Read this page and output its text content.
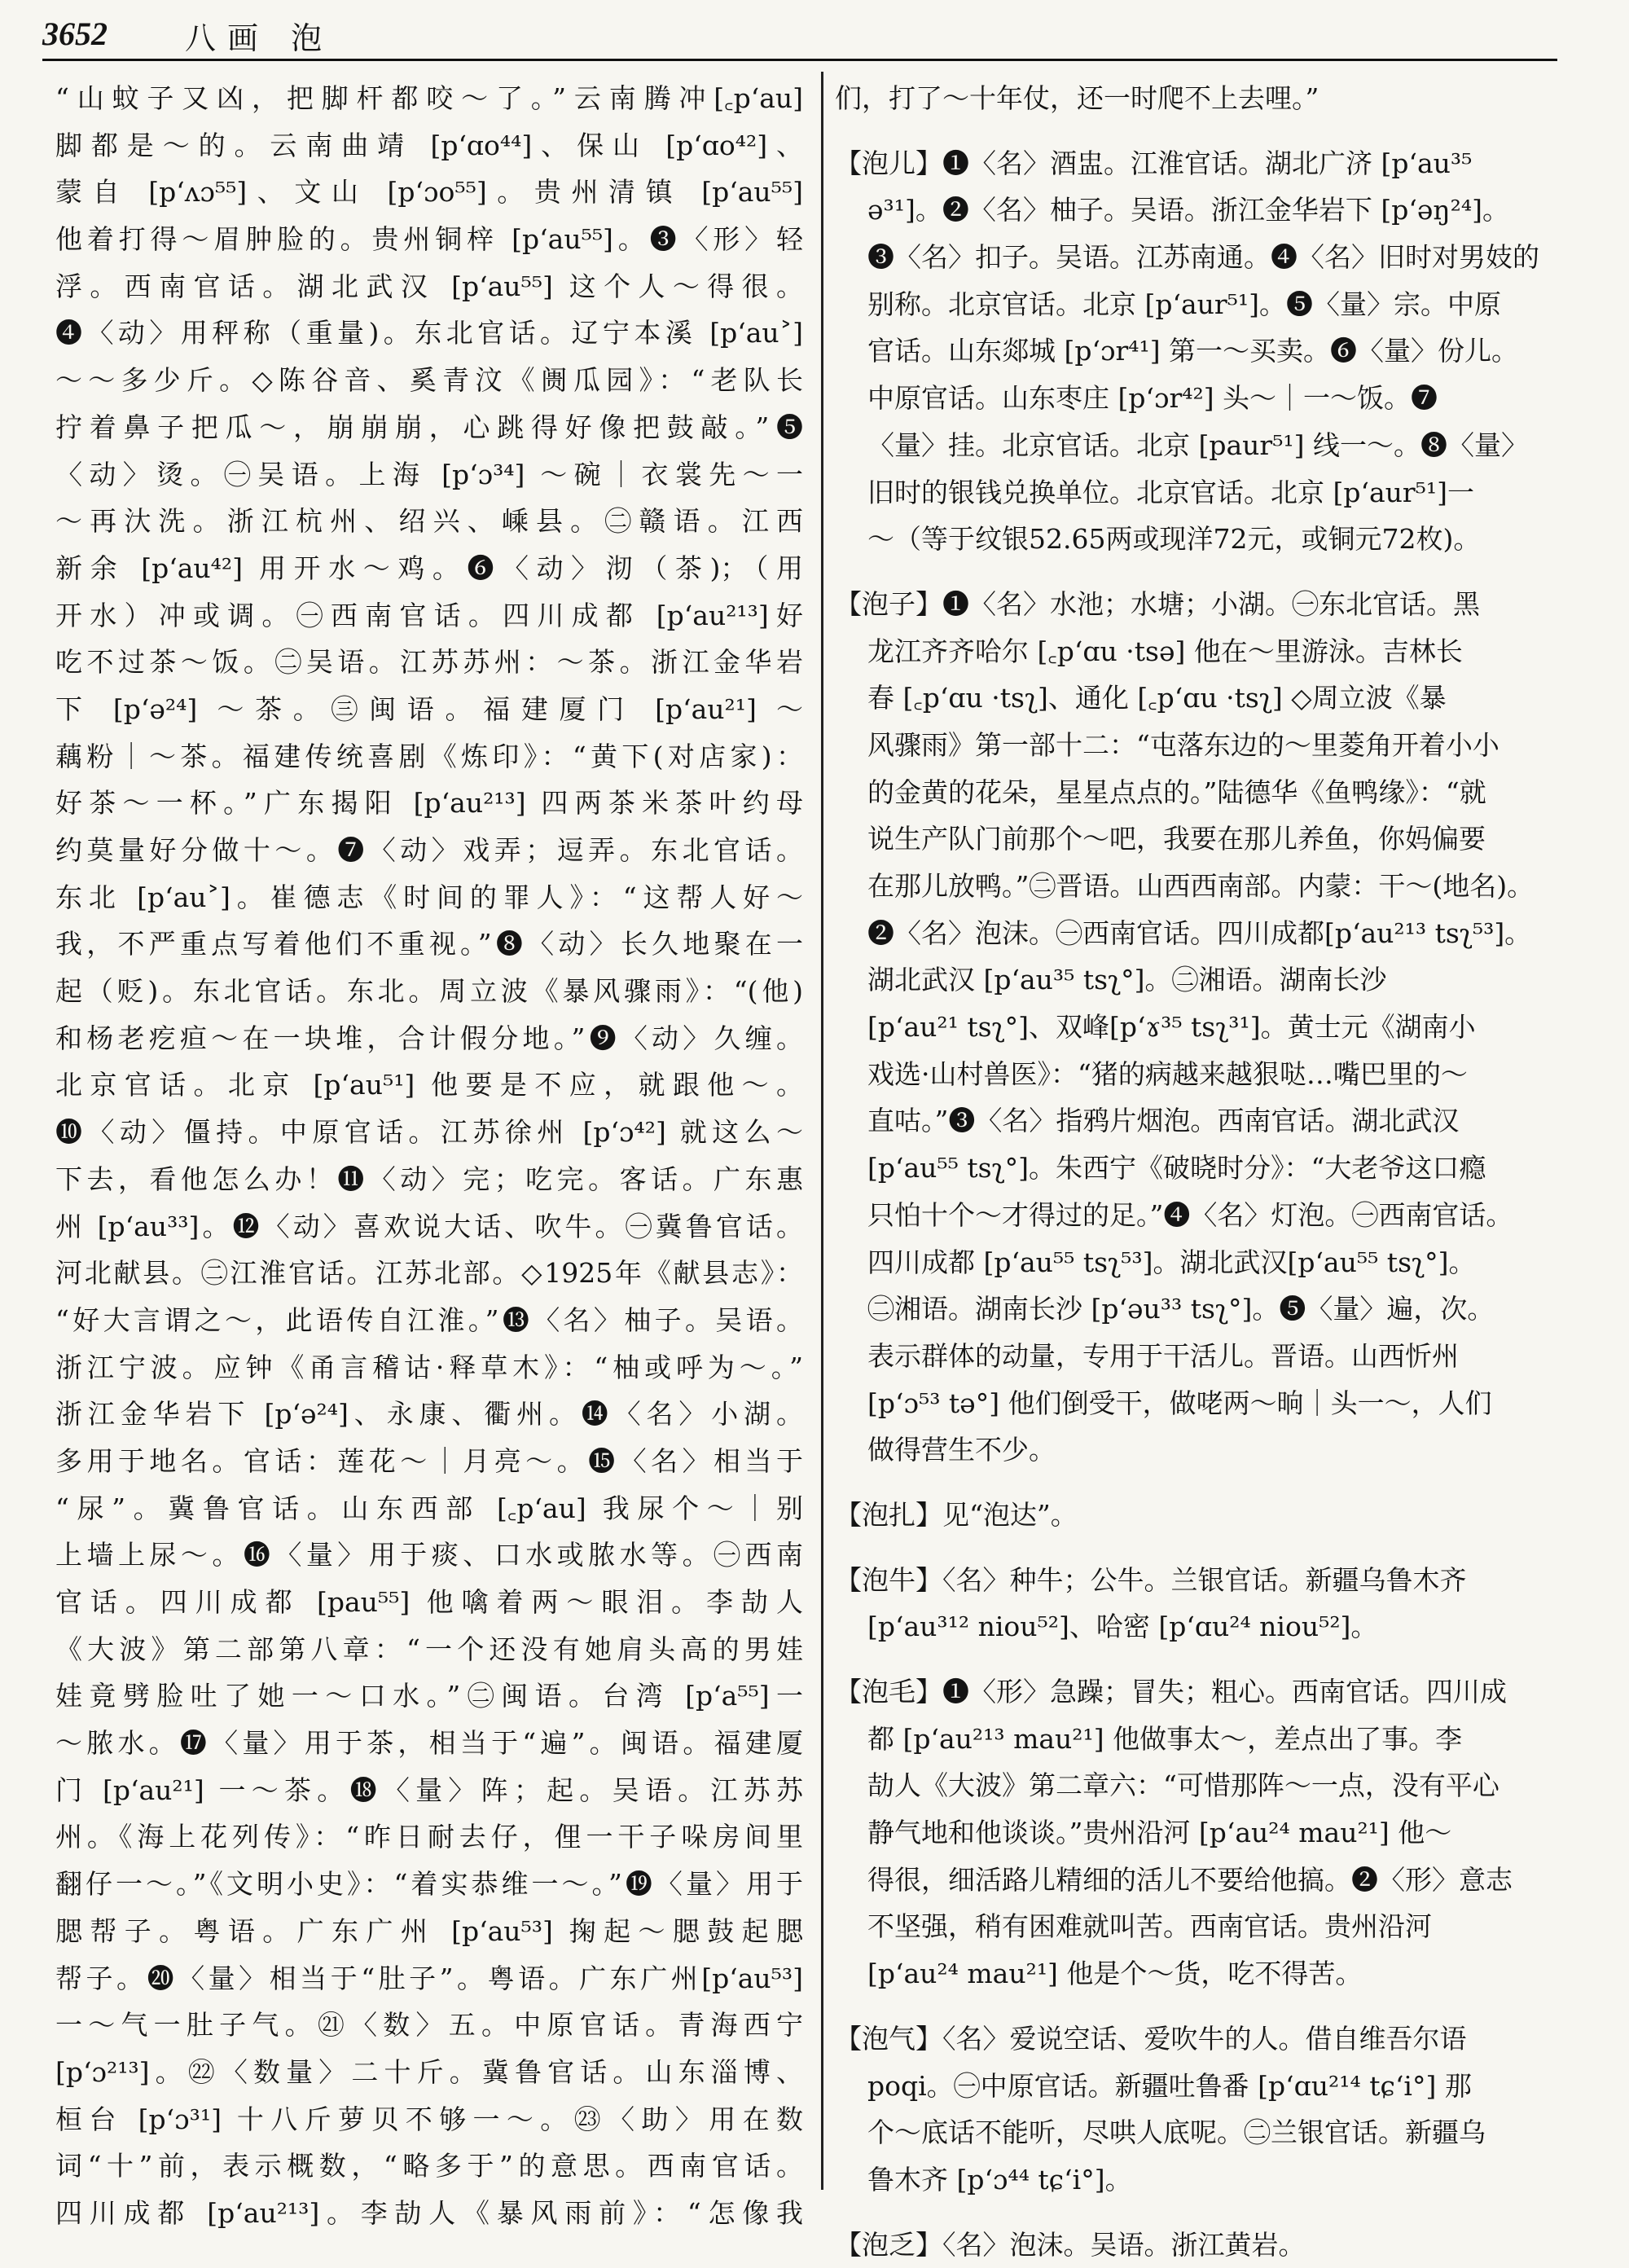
3652	八画 泡
“山蚊子又凶，把脚杆都咬～了。”云南腾冲[꜀p‘au]
脚都是～的。云南曲靖 [p‘ɑo⁴⁴]、保山 [p‘ɑo⁴²]、
蒙自 [p‘ᴧɔ⁵⁵]、文山 [p‘ɔo⁵⁵]。贵州清镇 [p‘au⁵⁵]
他着打得～眉肿脸的。贵州铜梓 [p‘au⁵⁵]。❸〈形〉轻
浮。西南官话。湖北武汉 [p‘au⁵⁵] 这个人～得很。
❹〈动〉用秤称（重量)。东北官话。辽宁本溪 [p‘au˃]
～～多少斤。◇陈谷音、奚青汶《阓瓜园》：“老队长
拧着鼻子把瓜～，崩崩崩，心跳得好像把鼓敲。”❺
〈动〉烫。㊀吴语。上海 [p‘ɔ³⁴] ～碗｜衣裳先～一
～再汏洗。浙江杭州、绍兴、嵊县。㊁赣语。江西
新余 [p‘au⁴²] 用开水～鸡。❻〈动〉沏（茶)；（用
开水）冲或调。㊀西南官话。四川成都 [p‘au²¹³]好
吃不过茶～饭。㊁吴语。江苏苏州：～茶。浙江金华岩
下 [p‘ə²⁴] ～茶。㊂闽语。福建厦门 [p‘au²¹] ～
藕粉｜～茶。福建传统喜剧《炼印》：“黄下(对店家)：
好茶～一杯。”广东揭阳 [p‘au²¹³] 四两茶米茶叶约母
约莫量好分做十～。❼〈动〉戏弄；逗弄。东北官话。
东北 [p‘au˃]。崔德志《时间的罪人》：“这帮人好～
我，不严重点写着他们不重视。”❽〈动〉长久地聚在一
起（贬)。东北官话。东北。周立波《暴风骤雨》：“(他)
和杨老疙疸～在一块堆，合计假分地。”❾〈动〉久缠。
北京官话。北京 [p‘au⁵¹] 他要是不应，就跟他～。
❿〈动〉僵持。中原官话。江苏徐州 [p‘ɔ⁴²] 就这么～
下去，看他怎么办！⓫〈动〉完；吃完。客话。广东惠
州 [p‘au³³]。⓬〈动〉喜欢说大话、吹牛。㊀冀鲁官话。
河北献县。㊁江淮官话。江苏北部。◇1925年《献县志》：
“好大言谓之～，此语传自江淮。”⓭〈名〉柚子。吴语。
浙江宁波。应钟《甬言稽诂·释草木》：“柚或呼为～。”
浙江金华岩下 [p‘ə²⁴]、永康、衢州。⓮〈名〉小湖。
多用于地名。官话：莲花～｜月亮～。⓯〈名〉相当于
“尿”。冀鲁官话。山东西部 [꜀p‘au] 我尿个～｜别
上墙上尿～。⓰〈量〉用于痰、口水或脓水等。㊀西南
官话。四川成都 [pau⁵⁵] 他噙着两～眼泪。李劼人
《大波》第二部第八章：“一个还没有她肩头高的男娃
娃竟劈脸吐了她一～口水。”㊁闽语。台湾 [p‘a⁵⁵]一
～脓水。⓱〈量〉用于茶，相当于“遍”。闽语。福建厦
门 [p‘au²¹] 一～茶。⓲〈量〉阵；起。吴语。江苏苏
州。《海上花列传》：“昨日耐去仔，俚一干子哚房间里
翻仔一～。”《文明小史》：“着实恭维一～。”⓳〈量〉用于
腮帮子。粤语。广东广州 [p‘au⁵³] 掬起～腮鼓起腮
帮子。⓴〈量〉相当于“肚子”。粤语。广东广州[p‘au⁵³]
一～气一肚子气。㉑〈数〉五。中原官话。青海西宁
[p‘ɔ²¹³]。㉒〈数量〉二十斤。冀鲁官话。山东淄博、
桓台 [p‘ɔ³¹] 十八斤萝贝不够一～。㉓〈助〉用在数
词“十”前，表示概数，“略多于”的意思。西南官话。
四川成都 [p‘au²¹³]。李劼人《暴风雨前》：“怎像我
们，打了～十年仗，还一时爬不上去哩。”
【泡儿】❶〈名〉酒盅。江淮官话。湖北广济 [p‘au³⁵
ə³¹]。❷〈名〉柚子。吴语。浙江金华岩下 [p‘əŋ²⁴]。
❸〈名〉扣子。吴语。江苏南通。❹〈名〉旧时对男妓的
别称。北京官话。北京 [p‘aur⁵¹]。❺〈量〉宗。中原
官话。山东郯城 [p‘ɔr⁴¹] 第一～买卖。❻〈量〉份儿。
中原官话。山东枣庄 [p‘ɔr⁴²] 头～｜一～饭。❼
〈量〉挂。北京官话。北京 [paur⁵¹] 线一～。❽〈量〉
旧时的银钱兑换单位。北京官话。北京 [p‘aur⁵¹]一
～（等于纹银52.65两或现洋72元，或铜元72枚)。
【泡子】❶〈名〉水池；水塘；小湖。㊀东北官话。黑
龙江齐齐哈尔 [꜀p‘ɑu ·tsə] 他在～里游泳。吉林长
春 [꜀p‘ɑu ·tsʅ]、通化 [꜀p‘ɑu ·tsʅ] ◇周立波《暴
风骤雨》第一部十二：“屯落东边的～里菱角开着小小
的金黄的花朵，星星点点的。”陆德华《鱼鸭缘》：“就
说生产队门前那个～吧，我要在那儿养鱼，你妈偏要
在那儿放鸭。”㊁晋语。山西西南部。内蒙：干～(地名)。
❷〈名〉泡沫。㊀西南官话。四川成都[p‘au²¹³ tsʅ⁵³]。
湖北武汉 [p‘au³⁵ tsʅ°]。㊁湘语。湖南长沙
[p‘au²¹ tsʅ°]、双峰[p‘ɤ³⁵ tsʅ³¹]。黄士元《湖南小
戏选·山村兽医》：“猪的病越来越狠哒…嘴巴里的～
直咕。”❸〈名〉指鸦片烟泡。西南官话。湖北武汉
[p‘au⁵⁵ tsʅ°]。朱西宁《破晓时分》：“大老爷这口瘾
只怕十个～才得过的足。”❹〈名〉灯泡。㊀西南官话。
四川成都 [p‘au⁵⁵ tsʅ⁵³]。湖北武汉[p‘au⁵⁵ tsʅ°]。
㊁湘语。湖南长沙 [p‘əu³³ tsʅ°]。❺〈量〉遍，次。
表示群体的动量，专用于干活儿。晋语。山西忻州
[p‘ɔ⁵³ tə°] 他们倒受干，做咾两～晌｜头一～，人们
做得营生不少。
【泡扎】见“泡达”。
【泡牛】〈名〉种牛；公牛。兰银官话。新疆乌鲁木齐
[p‘au³¹² niou⁵²]、哈密 [p‘ɑu²⁴ niou⁵²]。
【泡毛】❶〈形〉急躁；冒失；粗心。西南官话。四川成
都 [p‘au²¹³ mau²¹] 他做事太～，差点出了事。李
劼人《大波》第二章六：“可惜那阵～一点，没有平心
静气地和他谈谈。”贵州沿河 [p‘au²⁴ mau²¹] 他～
得很，细活路儿精细的活儿不要给他搞。❷〈形〉意志
不坚强，稍有困难就叫苦。西南官话。贵州沿河
[p‘au²⁴ mau²¹] 他是个～货，吃不得苦。
【泡气】〈名〉爱说空话、爱吹牛的人。借自维吾尔语
poqi。㊀中原官话。新疆吐鲁番 [p‘ɑu²¹⁴ tɕ‘i°] 那
个～底话不能听，尽哄人底呢。㊁兰银官话。新疆乌
鲁木齐 [p‘ɔ⁴⁴ tɕ‘i°]。
【泡乏】〈名〉泡沫。吴语。浙江黄岩。
